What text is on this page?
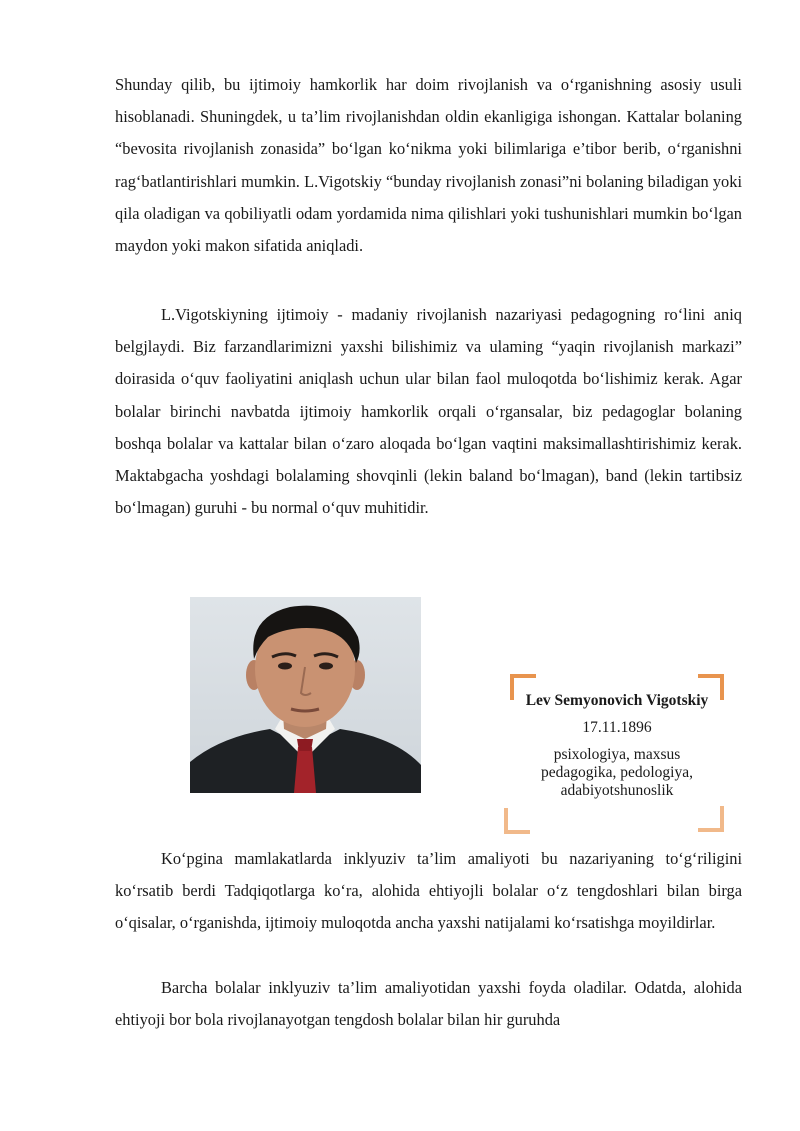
Shunday qilib, bu ijtimoiy hamkorlik har doim rivojlanish va o‘rganishning asosiy usuli hisoblanadi. Shuningdek, u ta’lim rivojlanishdan oldin ekanligiga ishongan. Kattalar bolaning “bevosita rivojlanish zonasida” bo‘lgan ko‘nikma yoki bilimlariga e’tibor berib, o‘rganishni rag‘batlantirishlari mumkin. L.Vigotskiy “bunday rivojlanish zonasi”ni bolaning biladigan yoki qila oladigan va qobiliyatli odam yordamida nima qilishlari yoki tushunishlari mumkin bo‘lgan maydon yoki makon sifatida aniqladi.

L.Vigotskiyning ijtimoiy - madaniy rivojlanish nazariyasi pedagogning ro‘lini aniq belgjlaydi. Biz farzandlarimizni yaxshi bilishimiz va ulaming “yaqin rivojlanish markazi” doirasida o‘quv faoliyatini aniqlash uchun ular bilan faol muloqotda bo‘lishimiz kerak. Agar bolalar birinchi navbatda ijtimoiy hamkorlik orqali o‘rgansalar, biz pedagoglar bolaning boshqa bolalar va kattalar bilan o‘zaro aloqada bo‘lgan vaqtini maksimallashtirishimiz kerak. Maktabgacha yoshdagi bolalaming shovqinli (lekin baland bo‘lmagan), band (lekin tartibsiz bo‘lmagan) guruhi - bu normal o‘quv muhitidir.

Lev Semyonovich Vigotskiy
17.11.1896
psixologiya, maxsus pedagogika, pedologiya, adabiyotshunoslik

Ko‘pgina mamlakatlarda inklyuziv ta’lim amaliyoti bu nazariyaning to‘g‘riligini ko‘rsatib berdi Tadqiqotlarga ko‘ra, alohida ehtiyojli bolalar o‘z tengdoshlari bilan birga o‘qisalar, o‘rganishda, ijtimoiy muloqotda ancha yaxshi natijalami ko‘rsatishga moyildirlar.

Barcha bolalar inklyuziv ta’lim amaliyotidan yaxshi foyda oladilar. Odatda, alohida ehtiyoji bor bola rivojlanayotgan tengdosh bolalar bilan hir guruhda
